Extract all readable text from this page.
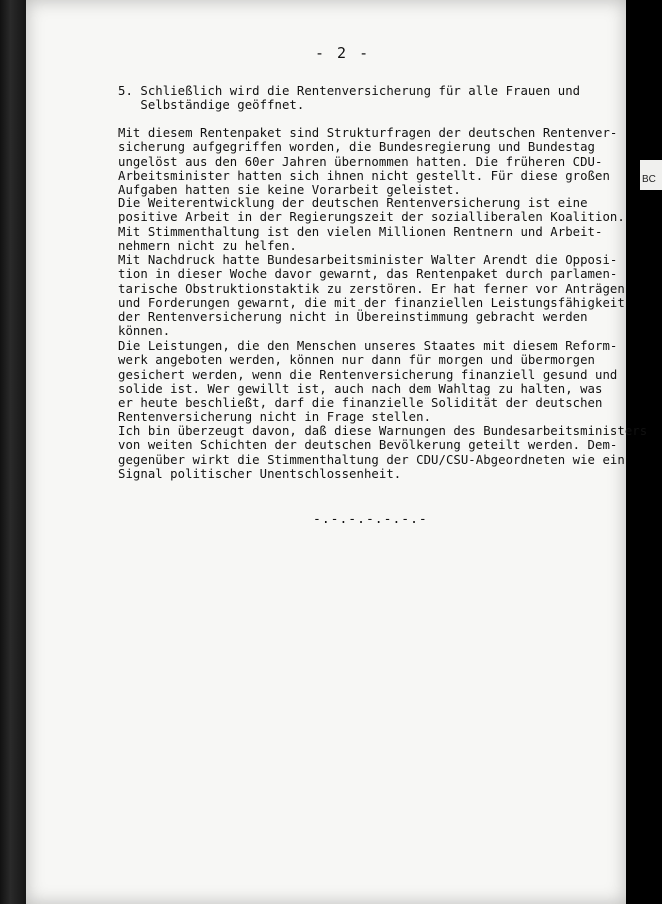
BC
- 2 -

5. Schließlich wird die Rentenversicherung für alle Frauen und
Selbständige geöffnet.

Mit diesem Rentenpaket sind Strukturfragen der deutschen Rentenver-
sicherung aufgegriffen worden, die Bundesregierung und Bundestag
ungelöst aus den 60er Jahren übernommen hatten. Die früheren CDU-
Arbeitsminister hatten sich ihnen nicht gestellt. Für diese großen
Aufgaben hatten sie keine Vorarbeit geleistet.

Die Weiterentwicklung der deutschen Rentenversicherung ist eine
positive Arbeit in der Regierungszeit der sozialliberalen Koalition.
Mit Stimmenthaltung ist den vielen Millionen Rentnern und Arbeit-
nehmern nicht zu helfen.

Mit Nachdruck hatte Bundesarbeitsminister Walter Arendt die Opposi-
tion in dieser Woche davor gewarnt, das Rentenpaket durch parlamen-
tarische Obstruktionstaktik zu zerstören. Er hat ferner vor Anträgen
und Forderungen gewarnt, die mit der finanziellen Leistungsfähigkeit
der Rentenversicherung nicht in Übereinstimmung gebracht werden
können.

Die Leistungen, die den Menschen unseres Staates mit diesem Reform-
werk angeboten werden, können nur dann für morgen und übermorgen
gesichert werden, wenn die Rentenversicherung finanziell gesund und
solide ist. Wer gewillt ist, auch nach dem Wahltag zu halten, was
er heute beschließt, darf die finanzielle Solidität der deutschen
Rentenversicherung nicht in Frage stellen.

Ich bin überzeugt davon, daß diese Warnungen des Bundesarbeitsministers
von weiten Schichten der deutschen Bevölkerung geteilt werden. Dem-
gegenüber wirkt die Stimmenthaltung der CDU/CSU-Abgeordneten wie ein
Signal politischer Unentschlossenheit.

-.-.-.-.-.-.-
